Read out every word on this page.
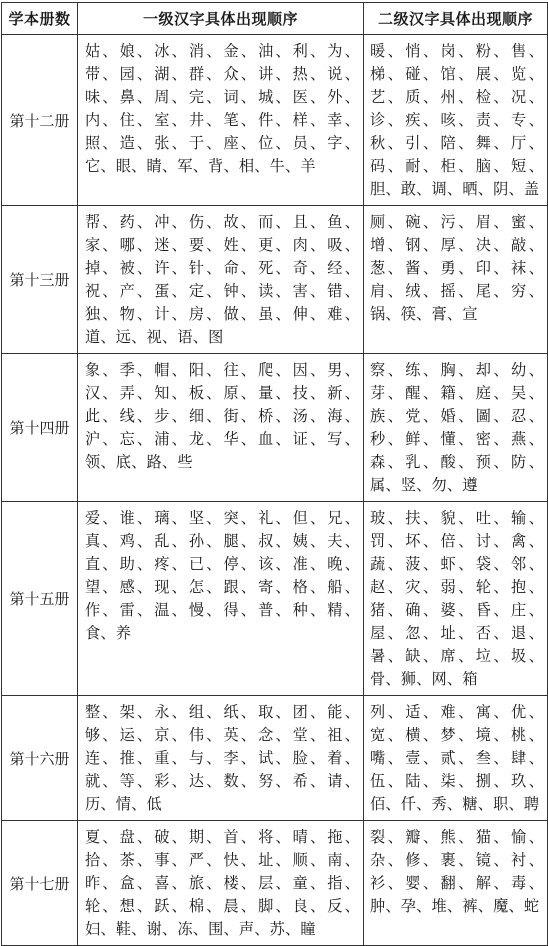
学本册数	一级汉字具体出现顺序	二级汉字具体出现顺序
第十二册	姑、娘、冰、消、金、油、利、为、带、园、湖、群、众、讲、热、说、味、鼻、周、完、词、城、医、外、内、住、室、井、笔、件、样、幸、照、造、张、于、座、位、员、字、它、眼、睛、军、背、相、牛、羊	暖、悄、岗、粉、售、梯、碰、馆、展、览、艺、质、州、检、况、诊、疾、咳、责、专、秋、引、陪、舞、厅、码、耐、柜、脑、短、胆、敢、调、晒、阴、盖
第十三册	帮、药、冲、伤、故、而、且、鱼、家、哪、迷、要、姓、更、肉、吸、掉、被、许、针、命、死、奇、经、祝、产、蛋、定、钟、读、害、错、独、物、计、房、做、虽、伸、难、道、远、视、语、图	厕、碗、污、眉、蜜、增、钢、厚、决、敲、葱、酱、勇、印、袜、肩、绒、摇、尾、穷、锅、筷、膏、宣
第十四册	象、季、帽、阳、往、爬、因、男、汉、弄、知、板、原、量、技、新、此、线、步、细、街、桥、汤、海、沪、忘、浦、龙、华、血、证、写、领、底、路、些	察、练、胸、却、幼、芽、醒、籍、庭、吴、族、党、婚、圖、忍、秒、鲜、懂、密、燕、森、乳、酸、预、防、属、竖、勿、遵
第十五册	爱、谁、璃、坚、突、礼、但、兄、真、鸡、乱、孙、腿、叔、姨、夫、直、助、疼、已、停、该、准、晚、望、感、现、怎、跟、寄、格、船、作、雷、温、慢、得、普、种、精、食、养	玻、扶、貌、吐、输、罚、坏、倍、讨、禽、蔬、菠、虾、袋、邻、赵、灾、弱、轮、抱、猪、确、婆、昏、庄、屋、忽、址、否、退、暑、缺、席、垃、圾、骨、狮、网、箱
第十六册	整、架、永、组、纸、取、团、能、够、运、京、伟、英、念、堂、祖、连、推、重、与、李、试、脸、着、就、等、彩、达、数、努、希、请、历、情、低	列、适、难、寓、优、宽、横、梦、境、桃、嘴、壹、贰、叁、肆、伍、陆、柒、捌、玖、佰、仟、秀、糖、职、聘
第十七册	夏、盘、破、期、首、将、晴、拖、拾、茶、事、严、快、址、顺、南、昨、盒、喜、旅、楼、层、童、指、轮、想、跃、棉、晨、脚、良、反、妇、鞋、谢、冻、围、声、苏、瞳	裂、瓣、熊、猫、愉、杂、修、裹、镜、衬、衫、婴、翻、解、毒、肿、孕、堆、裤、魔、蛇
